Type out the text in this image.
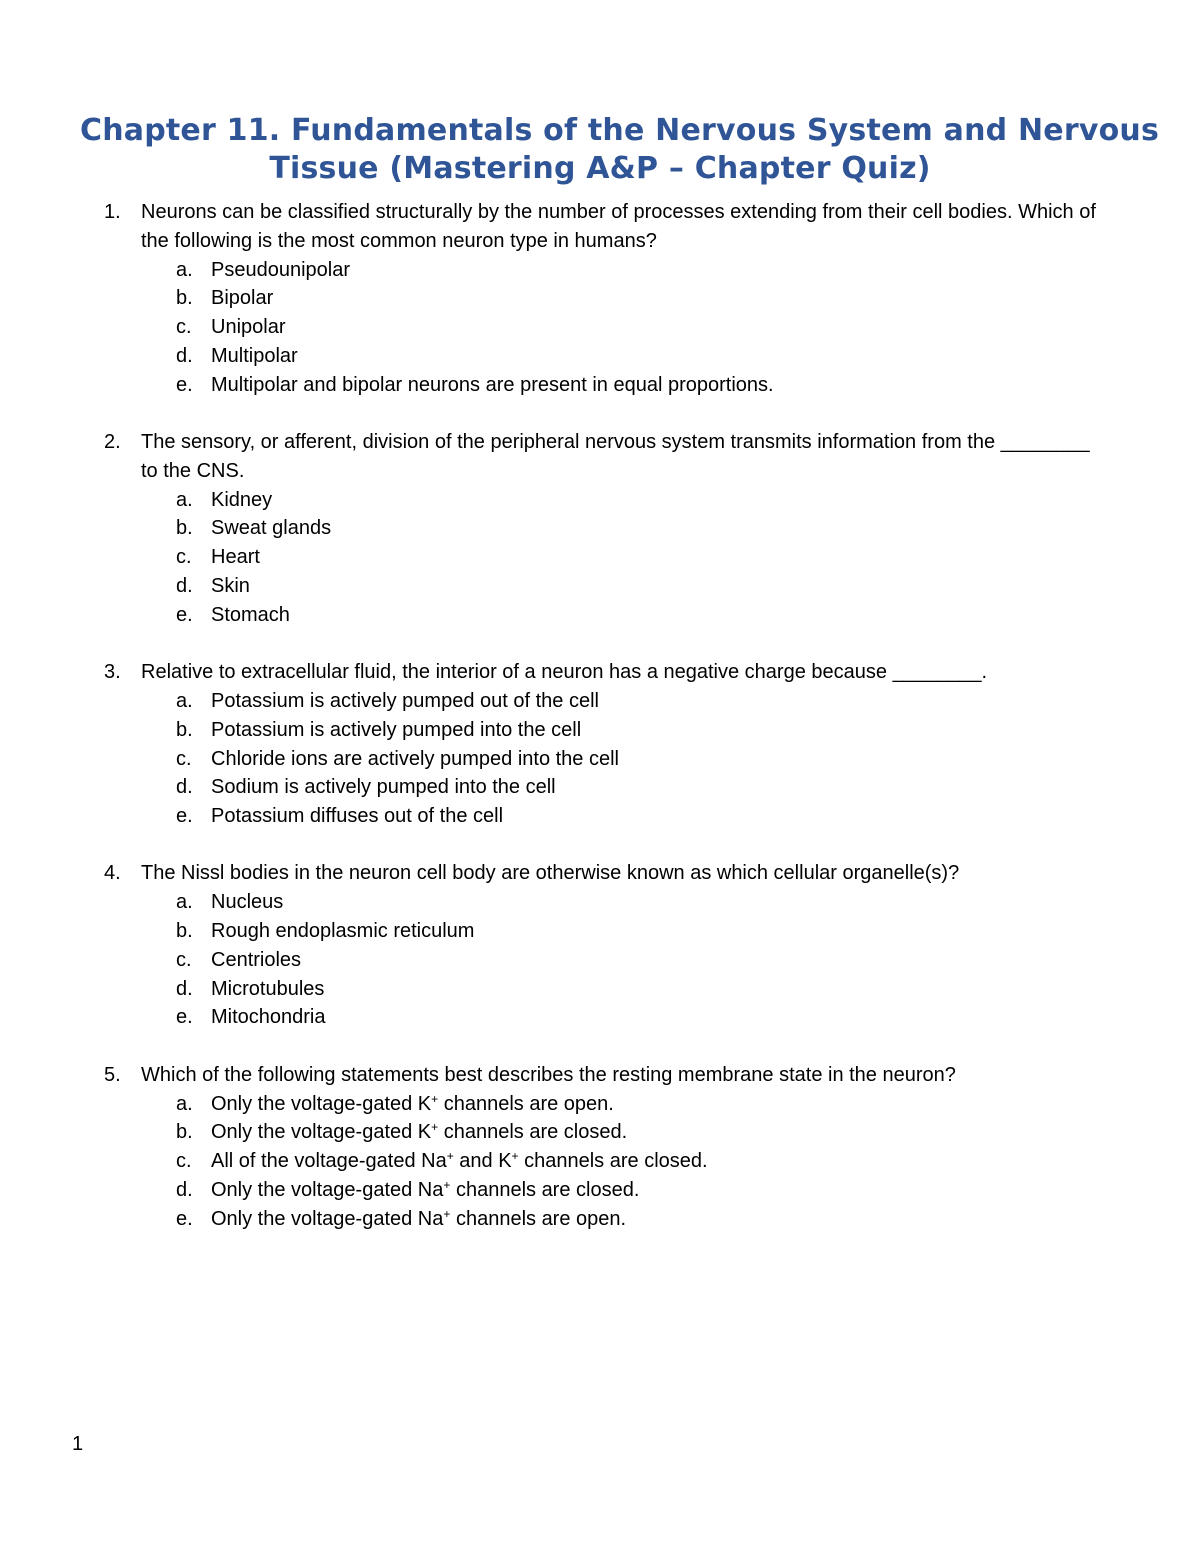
Chapter 11. Fundamentals of the Nervous System and Nervous
Tissue (Mastering A&P – Chapter Quiz)
1.	Neurons can be classified structurally by the number of processes extending from their cell bodies. Which of the following is the most common neuron type in humans?
a. Pseudounipolar
b. Bipolar
c. Unipolar
d. Multipolar
e. Multipolar and bipolar neurons are present in equal proportions.
2.	The sensory, or afferent, division of the peripheral nervous system transmits information from the ________ to the CNS.
a. Kidney
b. Sweat glands
c. Heart
d. Skin
e. Stomach
3.	Relative to extracellular fluid, the interior of a neuron has a negative charge because ________.
a. Potassium is actively pumped out of the cell
b. Potassium is actively pumped into the cell
c. Chloride ions are actively pumped into the cell
d. Sodium is actively pumped into the cell
e. Potassium diffuses out of the cell
4.	The Nissl bodies in the neuron cell body are otherwise known as which cellular organelle(s)?
a. Nucleus
b. Rough endoplasmic reticulum
c. Centrioles
d. Microtubules
e. Mitochondria
5.	Which of the following statements best describes the resting membrane state in the neuron?
a. Only the voltage-gated K+ channels are open.
b. Only the voltage-gated K+ channels are closed.
c. All of the voltage-gated Na+ and K+ channels are closed.
d. Only the voltage-gated Na+ channels are closed.
e. Only the voltage-gated Na+ channels are open.
1
